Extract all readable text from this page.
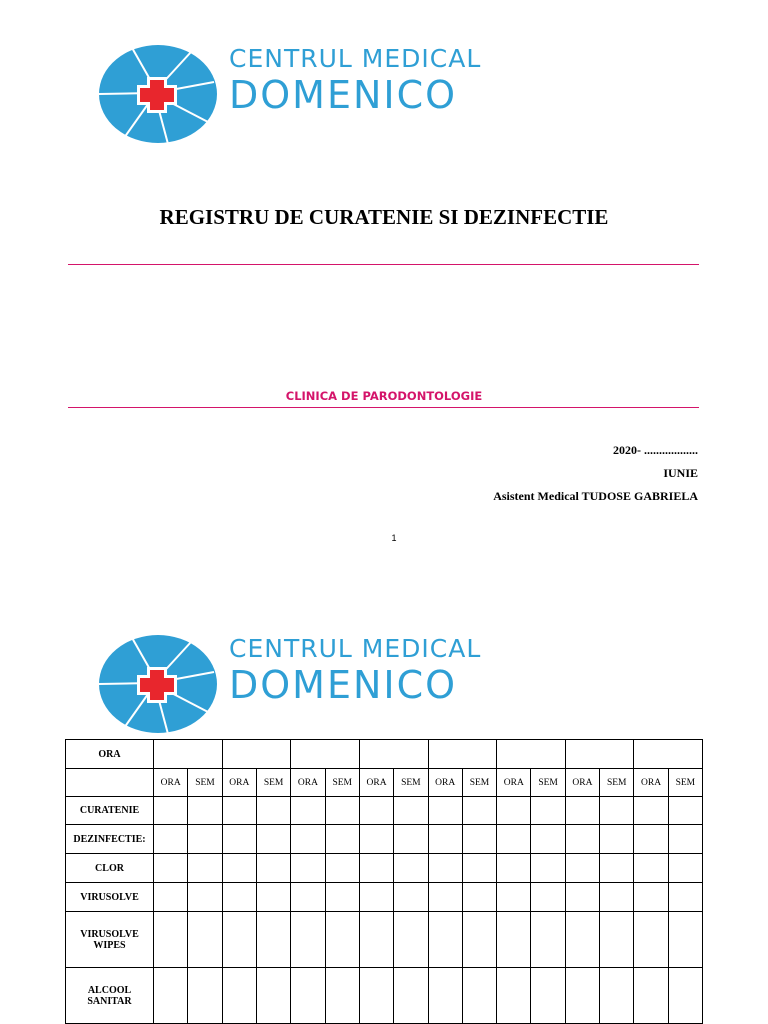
CENTRUL MEDICAL
DOMENICO
REGISTRU DE CURATENIE SI DEZINFECTIE
CLINICA DE PARODONTOLOGIE
2020- ..................
IUNIE
Asistent Medical TUDOSE GABRIELA
1
CENTRUL MEDICAL
DOMENICO
ORA																
	ORA	SEM	ORA	SEM	ORA	SEM	ORA	SEM	ORA	SEM	ORA	SEM	ORA	SEM	ORA	SEM
CURATENIE																
DEZINFECTIE:																
CLOR																
VIRUSOLVE																
VIRUSOLVE WIPES																
ALCOOL SANITAR																
